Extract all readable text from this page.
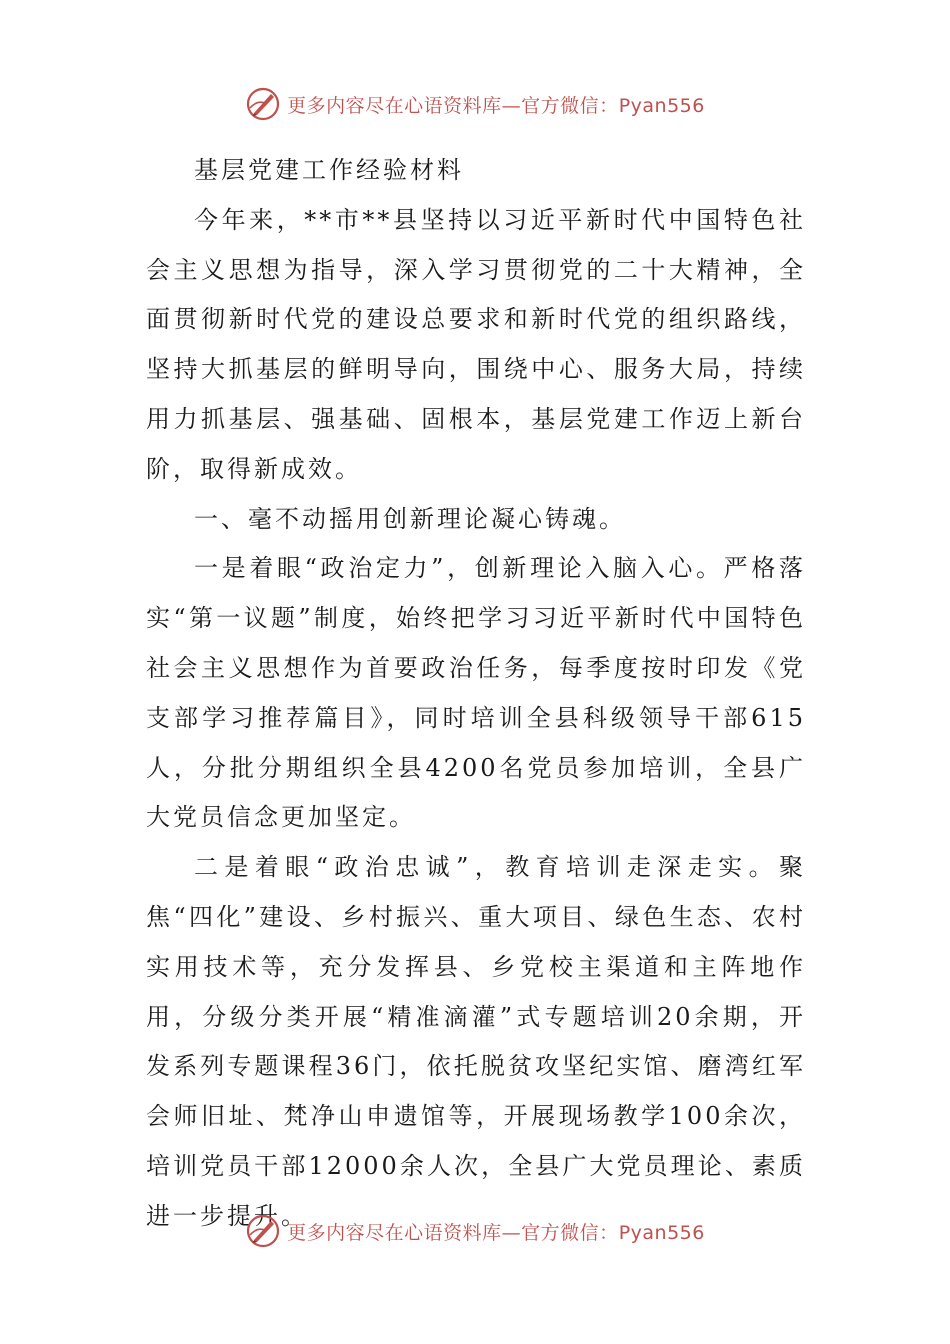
更多内容尽在心语资料库—官方微信：Pyan556

基层党建工作经验材料

今年来，**市**县坚持以习近平新时代中国特色社会主义思想为指导，深入学习贯彻党的二十大精神，全面贯彻新时代党的建设总要求和新时代党的组织路线，坚持大抓基层的鲜明导向，围绕中心、服务大局，持续用力抓基层、强基础、固根本，基层党建工作迈上新台阶，取得新成效。

一、毫不动摇用创新理论凝心铸魂。

一是着眼“政治定力”，创新理论入脑入心。严格落实“第一议题”制度，始终把学习习近平新时代中国特色社会主义思想作为首要政治任务，每季度按时印发《党支部学习推荐篇目》，同时培训全县科级领导干部615人，分批分期组织全县4200名党员参加培训，全县广大党员信念更加坚定。

二是着眼“政治忠诚”，教育培训走深走实。聚焦“四化”建设、乡村振兴、重大项目、绿色生态、农村实用技术等，充分发挥县、乡党校主渠道和主阵地作用，分级分类开展“精准滴灌”式专题培训20余期，开发系列专题课程36门，依托脱贫攻坚纪实馆、磨湾红军会师旧址、梵净山申遗馆等，开展现场教学100余次，培训党员干部12000余人次，全县广大党员理论、素质进一步提升。

更多内容尽在心语资料库—官方微信：Pyan556
